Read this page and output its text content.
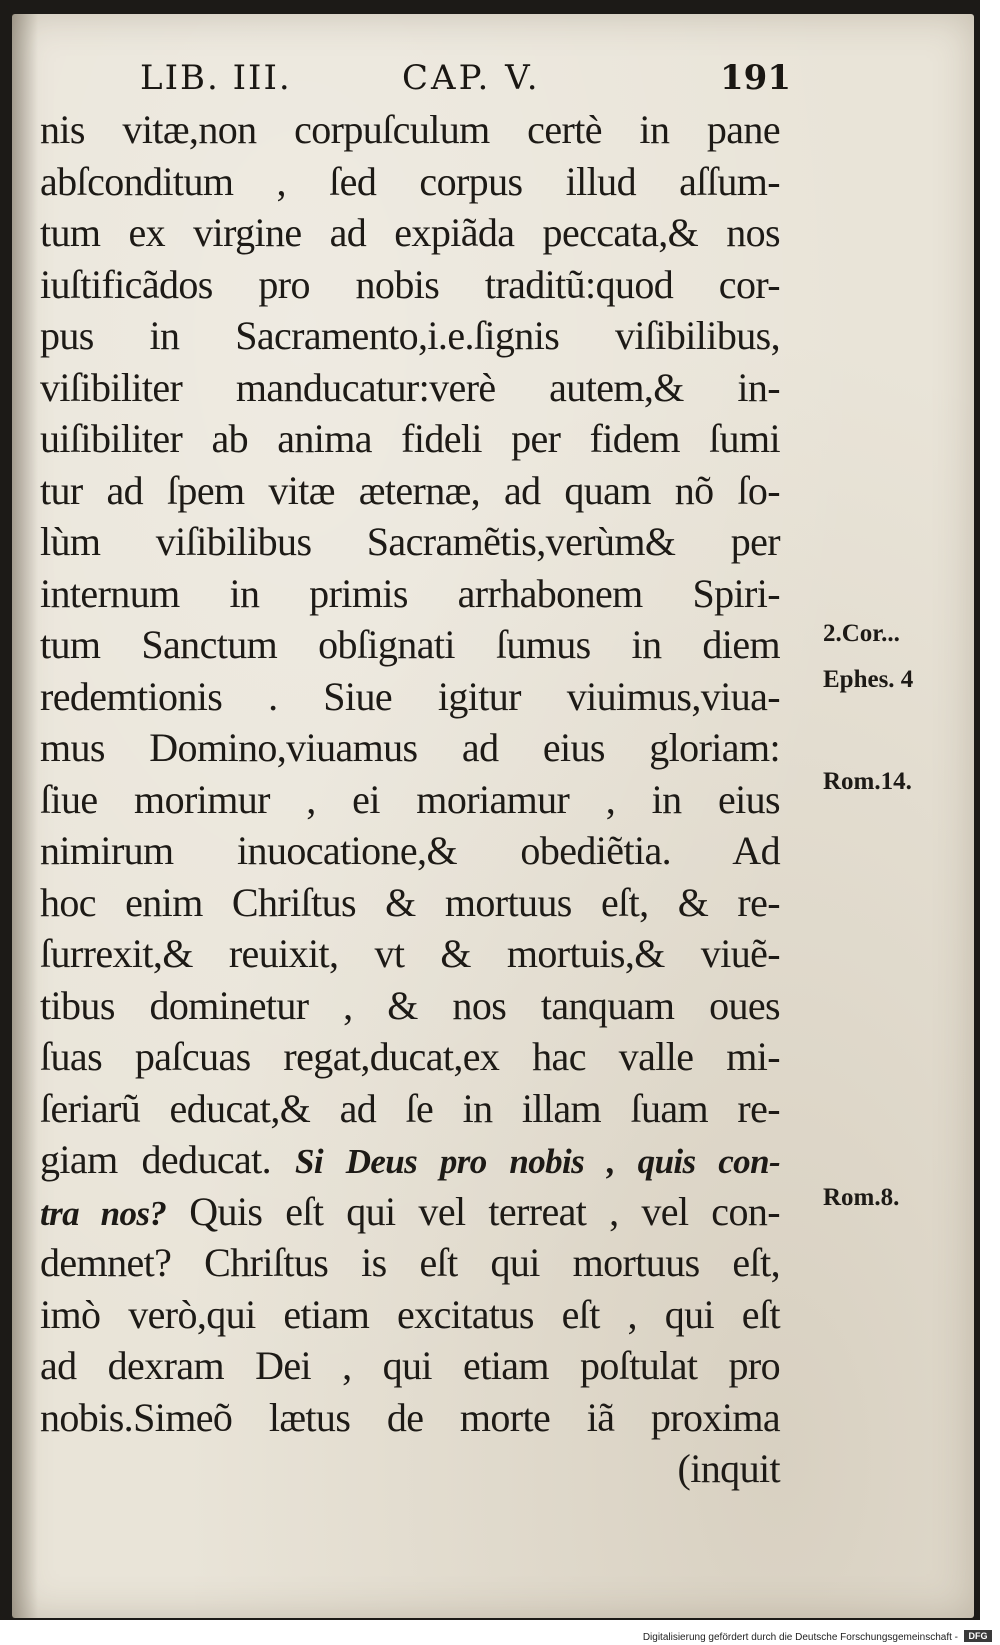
LIB. III.	CAP. V.	191
nis vitæ,non corpuſculum certè in pane
abſconditum , ſed corpus illud aſſum-
tum ex virgine ad expiãda peccata,& nos
iuſtificãdos pro nobis traditũ:quod cor-
pus in Sacramento,i.e.ſignis viſibilibus,
viſibiliter manducatur:verè autem,& in-
uiſibiliter ab anima fideli per fidem ſumi
tur ad ſpem vitæ æternæ, ad quam nõ ſo-
lùm viſibilibus Sacramẽtis,verùm& per
internum in primis arrhabonem Spiri-
tum Sanctum obſignati ſumus in diem
redemtionis . Siue igitur viuimus,viua-
mus Domino,viuamus ad eius gloriam:
ſiue morimur , ei moriamur , in eius
nimirum inuocatione,& obediẽtia. Ad
hoc enim Chriſtus & mortuus eſt, & re-
ſurrexit,& reuixit, vt & mortuis,& viuẽ-
tibus dominetur , & nos tanquam oues
ſuas paſcuas regat,ducat,ex hac valle mi-
ſeriarũ educat,& ad ſe in illam ſuam re-
giam deducat. Si Deus pro nobis , quis con-
tra nos? Quis eſt qui vel terreat , vel con-
demnet? Chriſtus is eſt qui mortuus eſt,
imò verò,qui etiam excitatus eſt , qui eſt
ad dexram Dei , qui etiam poſtulat pro
nobis.Simeõ lætus de morte iã proxima
(inquit
2.Cor...
Ephes. 4
Rom.14.
Rom.8.
Digitalisierung gefördert durch die Deutsche Forschungsgemeinschaft -	DFG
